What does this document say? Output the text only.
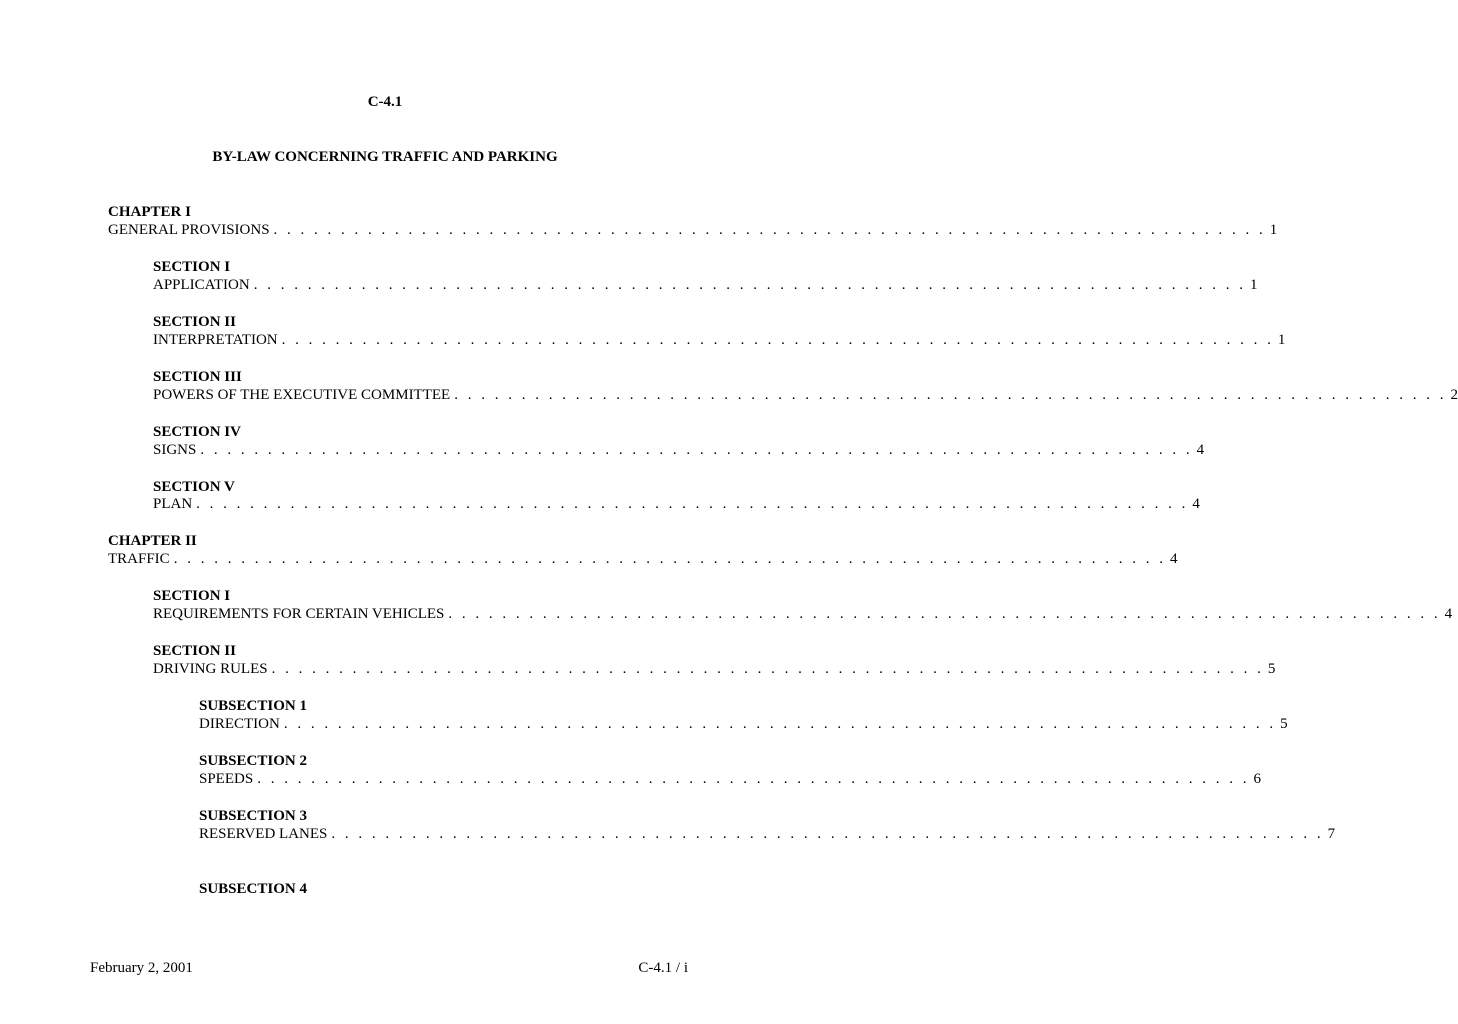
C-4.1
BY-LAW CONCERNING TRAFFIC AND PARKING
CHAPTER I
GENERAL PROVISIONS . . . . . . . . . . . . . . . . . . . . . . . . . . . . . . . . . . . . . . . . . . . . . . . . . . . . . . . . . . . . . . . . . . . . . . . . . . 1
SECTION I
APPLICATION . . . . . . . . . . . . . . . . . . . . . . . . . . . . . . . . . . . . . . . . . . . . . . . . . . . . . . . . . . . . . . . . . . . . . . . . . . 1
SECTION II
INTERPRETATION . . . . . . . . . . . . . . . . . . . . . . . . . . . . . . . . . . . . . . . . . . . . . . . . . . . . . . . . . . . . . . . . . . . . . . . . . . 1
SECTION III
POWERS OF THE EXECUTIVE COMMITTEE . . . . . . . . . . . . . . . . . . . . . . . . . . . . . . . . . . . . . . . . . . . . . . . . . . . . . . . . . . . . . . . . . . . . . . . . . . 2
SECTION IV
SIGNS . . . . . . . . . . . . . . . . . . . . . . . . . . . . . . . . . . . . . . . . . . . . . . . . . . . . . . . . . . . . . . . . . . . . . . . . . . 4
SECTION V
PLAN . . . . . . . . . . . . . . . . . . . . . . . . . . . . . . . . . . . . . . . . . . . . . . . . . . . . . . . . . . . . . . . . . . . . . . . . . . 4
CHAPTER II
TRAFFIC . . . . . . . . . . . . . . . . . . . . . . . . . . . . . . . . . . . . . . . . . . . . . . . . . . . . . . . . . . . . . . . . . . . . . . . . . . 4
SECTION I
REQUIREMENTS FOR CERTAIN VEHICLES . . . . . . . . . . . . . . . . . . . . . . . . . . . . . . . . . . . . . . . . . . . . . . . . . . . . . . . . . . . . . . . . . . . . . . . . . . 4
SECTION II
DRIVING RULES . . . . . . . . . . . . . . . . . . . . . . . . . . . . . . . . . . . . . . . . . . . . . . . . . . . . . . . . . . . . . . . . . . . . . . . . . . 5
SUBSECTION 1
DIRECTION . . . . . . . . . . . . . . . . . . . . . . . . . . . . . . . . . . . . . . . . . . . . . . . . . . . . . . . . . . . . . . . . . . . . . . . . . . 5
SUBSECTION 2
SPEEDS . . . . . . . . . . . . . . . . . . . . . . . . . . . . . . . . . . . . . . . . . . . . . . . . . . . . . . . . . . . . . . . . . . . . . . . . . . 6
SUBSECTION 3
RESERVED LANES . . . . . . . . . . . . . . . . . . . . . . . . . . . . . . . . . . . . . . . . . . . . . . . . . . . . . . . . . . . . . . . . . . . . . . . . . . 7
SUBSECTION 4
February 2, 2001	C-4.1 / i
